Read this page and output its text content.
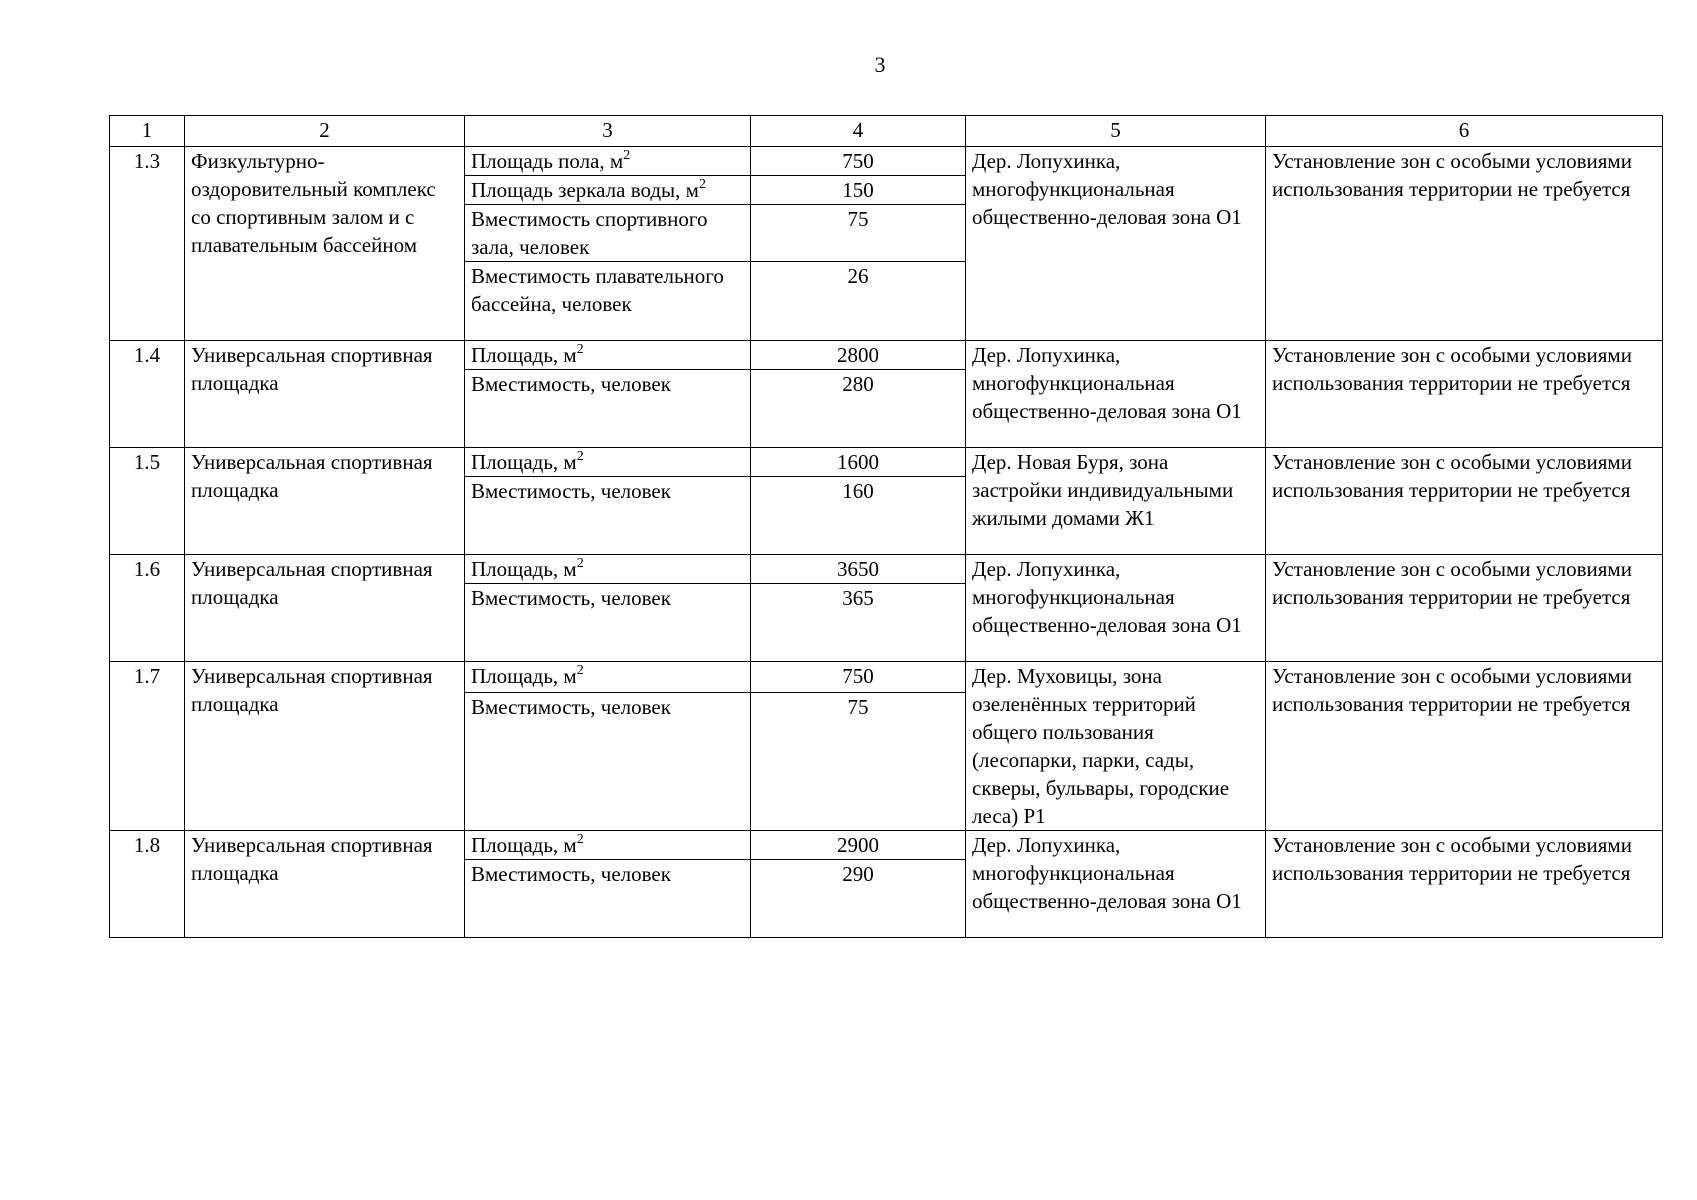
3
1	2	3	4	5	6
1.3	Физкультурно-оздоровительный комплекс со спортивным залом и с плавательным бассейном	Площадь пола, $м^2$	750	Дер. Лопухинка, многофункциональная общественно-деловая зона О1	Установление зон с особыми условиями использования территории не требуется
		Площадь зеркала воды, $м^2$	150		
		Вместимость спортивного зала, человек	75		
		Вместимость плавательного бассейна, человек	26		
1.4	Универсальная спортивная площадка	Площадь, $м^2$	2800	Дер. Лопухинка, многофункциональная общественно-деловая зона О1	Установление зон с особыми условиями использования территории не требуется
		Вместимость, человек	280		
1.5	Универсальная спортивная площадка	Площадь, $м^2$	1600	Дер. Новая Буря, зона застройки индивидуальными жилыми домами Ж1	Установление зон с особыми условиями использования территории не требуется
		Вместимость, человек	160		
1.6	Универсальная спортивная площадка	Площадь, $м^2$	3650	Дер. Лопухинка, многофункциональная общественно-деловая зона О1	Установление зон с особыми условиями использования территории не требуется
		Вместимость, человек	365		
1.7	Универсальная спортивная площадка	Площадь, $м^2$	750	Дер. Муховицы, зона озеленённых территорий общего пользования (лесопарки, парки, сады, скверы, бульвары, городские леса) Р1	Установление зон с особыми условиями использования территории не требуется
		Вместимость, человек	75		
1.8	Универсальная спортивная площадка	Площадь, $м^2$	2900	Дер. Лопухинка, многофункциональная общественно-деловая зона О1	Установление зон с особыми условиями использования территории не требуется
		Вместимость, человек	290		
